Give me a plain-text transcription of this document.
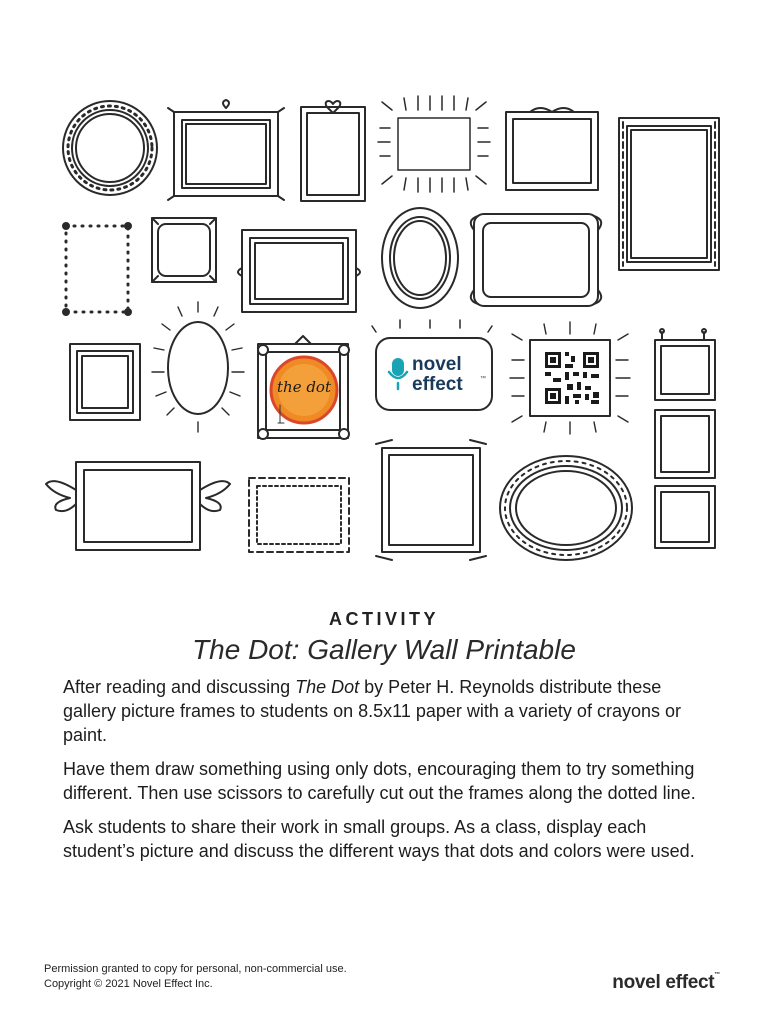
the dot
novel
effect	™
ACTIVITY
The Dot: Gallery Wall Printable

After reading and discussing The Dot by Peter H. Reynolds distribute these gallery picture frames to students on 8.5x11 paper with a variety of crayons or paint.

Have them draw something using only dots, encouraging them to try something different. Then use scissors to carefully cut out the frames along the dotted line.

Ask students to share their work in small groups. As a class, display each student’s picture and discuss the different ways that dots and colors were used.

Permission granted to copy for personal, non-commercial use.
Copyright © 2021 Novel Effect Inc.	novel effect™
